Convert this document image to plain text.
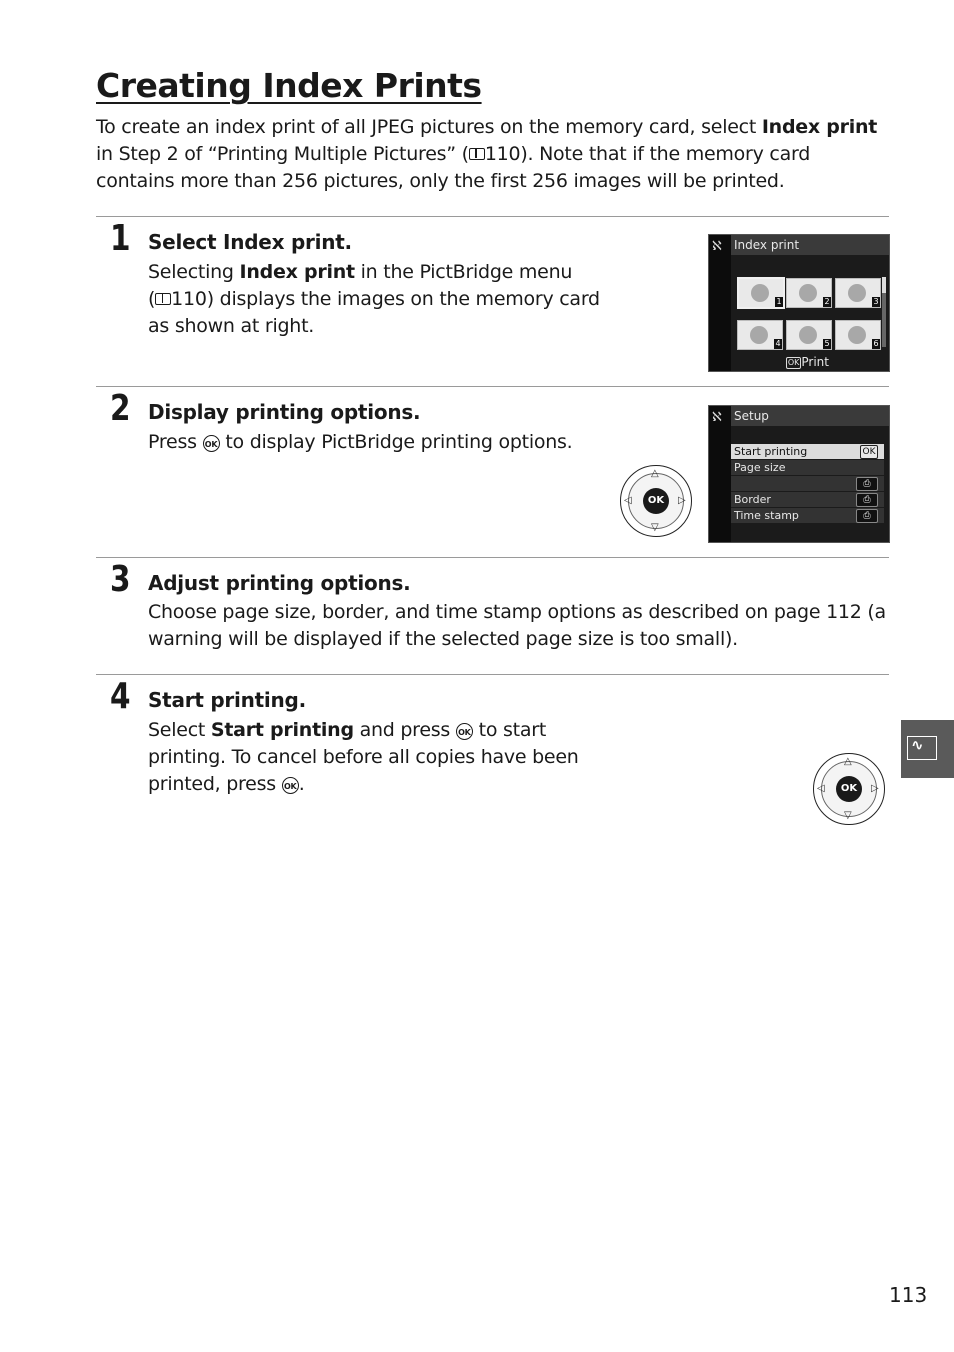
Creating Index Prints
To create an index print of all JPEG pictures on the memory card, select Index print
in Step 2 of “Printing Multiple Pictures” ( 110). Note that if the memory card
contains more than 256 pictures, only the first 256 images will be printed.
1 Select Index print.
Selecting Index print in the PictBridge menu
( 110) displays the images on the memory card
as shown at right.
ℵ Index print
1	2	3
4	5	6
OK Print
2 Display printing options.
Press OK to display PictBridge printing options.
OK
△
▽
◁	▷
ℵ Setup
Start printing	OK
Page size
⎙
Border	⎙
Time stamp	⎙
3 Adjust printing options.
Choose page size, border, and time stamp options as described on page 112 (a
warning will be displayed if the selected page size is too small).
4 Start printing.
Select Start printing and press OK to start
printing. To cancel before all copies have been
printed, press OK .	OK
△
▽
◁	▷
∿
113
